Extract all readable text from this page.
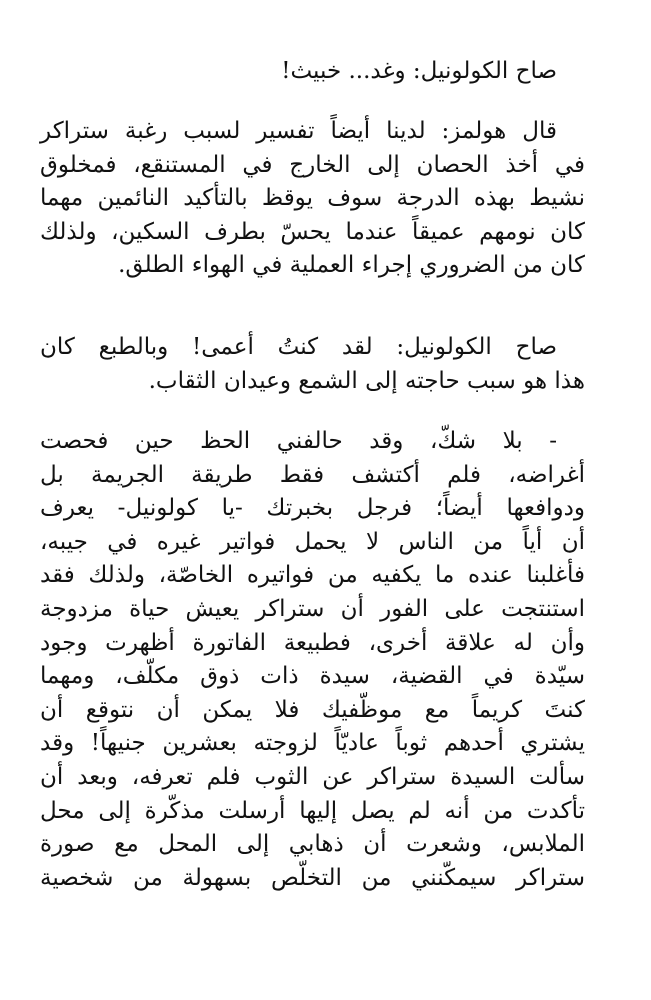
صاح الكولونيل: وغد... خبيث!

قال هولمز: لدينا أيضاً تفسير لسبب رغبة ستراكر
في أخذ الحصان إلى الخارج في المستنقع، فمخلوق
نشيط بهذه الدرجة سوف يوقظ بالتأكيد النائمين مهما
كان نومهم عميقاً عندما يحسّ بطرف السكين، ولذلك
كان من الضروري إجراء العملية في الهواء الطلق.

صاح الكولونيل: لقد كنتُ أعمى! وبالطبع كان
هذا هو سبب حاجته إلى الشمع وعيدان الثقاب.

- بلا شكّ، وقد حالفني الحظ حين فحصت
أغراضه، فلم أكتشف فقط طريقة الجريمة بل
ودوافعها أيضاً؛ فرجل بخبرتك -يا كولونيل- يعرف
أن أياً من الناس لا يحمل فواتير غيره في جيبه،
فأغلبنا عنده ما يكفيه من فواتيره الخاصّة، ولذلك فقد
استنتجت على الفور أن ستراكر يعيش حياة مزدوجة
وأن له علاقة أخرى، فطبيعة الفاتورة أظهرت وجود
سيّدة في القضية، سيدة ذات ذوق مكلّف، ومهما
كنتَ كريماً مع موظّفيك فلا يمكن أن نتوقع أن
يشتري أحدهم ثوباً عاديّاً لزوجته بعشرين جنيهاً! وقد
سألت السيدة ستراكر عن الثوب فلم تعرفه، وبعد أن
تأكدت من أنه لم يصل إليها أرسلت مذكّرة إلى محل
الملابس، وشعرت أن ذهابي إلى المحل مع صورة
ستراكر سيمكّنني من التخلّص بسهولة من شخصية
